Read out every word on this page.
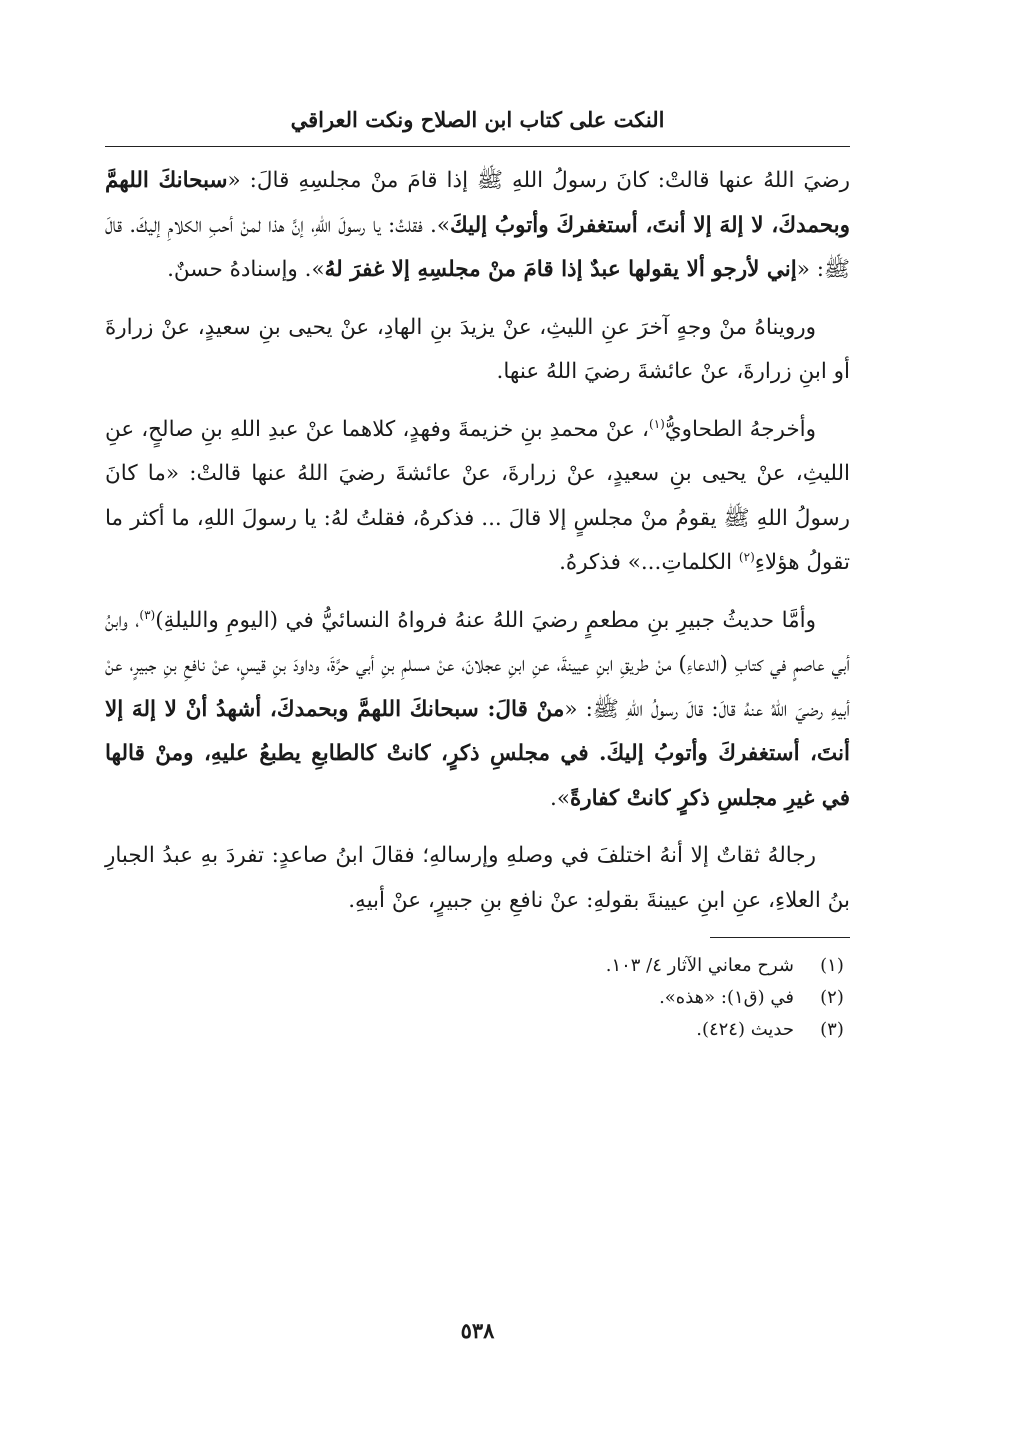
النكت على كتاب ابن الصلاح ونكت العراقي

رضيَ اللهُ عنها قالتْ: كانَ رسولُ اللهِ ﷺ إذا قامَ منْ مجلسِهِ قالَ: «سبحانكَ اللهمَّ وبحمدكَ، لا إلهَ إلا أنتَ، أستغفركَ وأتوبُ إليكَ». فقلتُ: يا رسولَ اللهِ، إنَّ هذا لمنْ أحبِ الكلامِ إليكَ. قالَ ﷺ: «إني لأرجو ألا يقولها عبدٌ إذا قامَ منْ مجلسِهِ إلا غفرَ لهُ». وإسنادهُ حسنٌ.

ورويناهُ منْ وجهٍ آخرَ عنِ الليثِ، عنْ يزيدَ بنِ الهادِ، عنْ يحيى بنِ سعيدٍ، عنْ زرارةَ أو ابنِ زرارةَ، عنْ عائشةَ رضيَ اللهُ عنها.

وأخرجهُ الطحاويُّ$^{(١)}$، عنْ محمدِ بنِ خزيمةَ وفهدٍ، كلاهما عنْ عبدِ اللهِ بنِ صالحٍ، عنِ الليثِ، عنْ يحيى بنِ سعيدٍ، عنْ زرارةَ، عنْ عائشةَ رضيَ اللهُ عنها قالتْ: «ما كانَ رسولُ اللهِ ﷺ يقومُ منْ مجلسٍ إلا قالَ ... فذكرهُ، فقلتُ لهُ: يا رسولَ اللهِ، ما أكثر ما تقولُ هؤلاءِ$^{(٢)}$ الكلماتِ...» فذكرهُ.

وأمَّا حديثُ جبيرِ بنِ مطعمٍ رضيَ اللهُ عنهُ فرواهُ النسائيُّ في (اليومِ والليلةِ)$^{(٣)}$، وابنُ أبي عاصمٍ في كتابِ (الدعاءِ) منْ طريقِ ابنِ عيينةَ، عنِ ابنِ عجلانَ، عنْ مسلمِ بنِ أبي حرَّةَ، وداودَ بنِ قيسٍ، عنْ نافعِ بنِ جبيرٍ، عنْ أبيهِ رضيَ اللهُ عنهُ قالَ: قالَ رسولُ اللهِ ﷺ: «منْ قالَ: سبحانكَ اللهمَّ وبحمدكَ، أشهدُ أنْ لا إلهَ إلا أنتَ، أستغفركَ وأتوبُ إليكَ. في مجلسِ ذكرٍ، كانتْ كالطابعِ يطبعُ عليهِ، ومنْ قالها في غيرِ مجلسِ ذكرٍ كانتْ كفارةً».

رجالهُ ثقاتٌ إلا أنهُ اختلفَ في وصلهِ وإرسالهِ؛ فقالَ ابنُ صاعدٍ: تفردَ بهِ عبدُ الجبارِ بنُ العلاءِ، عنِ ابنِ عيينةَ بقولهِ: عنْ نافعِ بنِ جبيرٍ، عنْ أبيهِ.

(١)
شرح معاني الآثار ٤/ ١٠٣.
(٢)
في (ق١): «هذه».
(٣)
حديث (٤٢٤).
٥٣٨
